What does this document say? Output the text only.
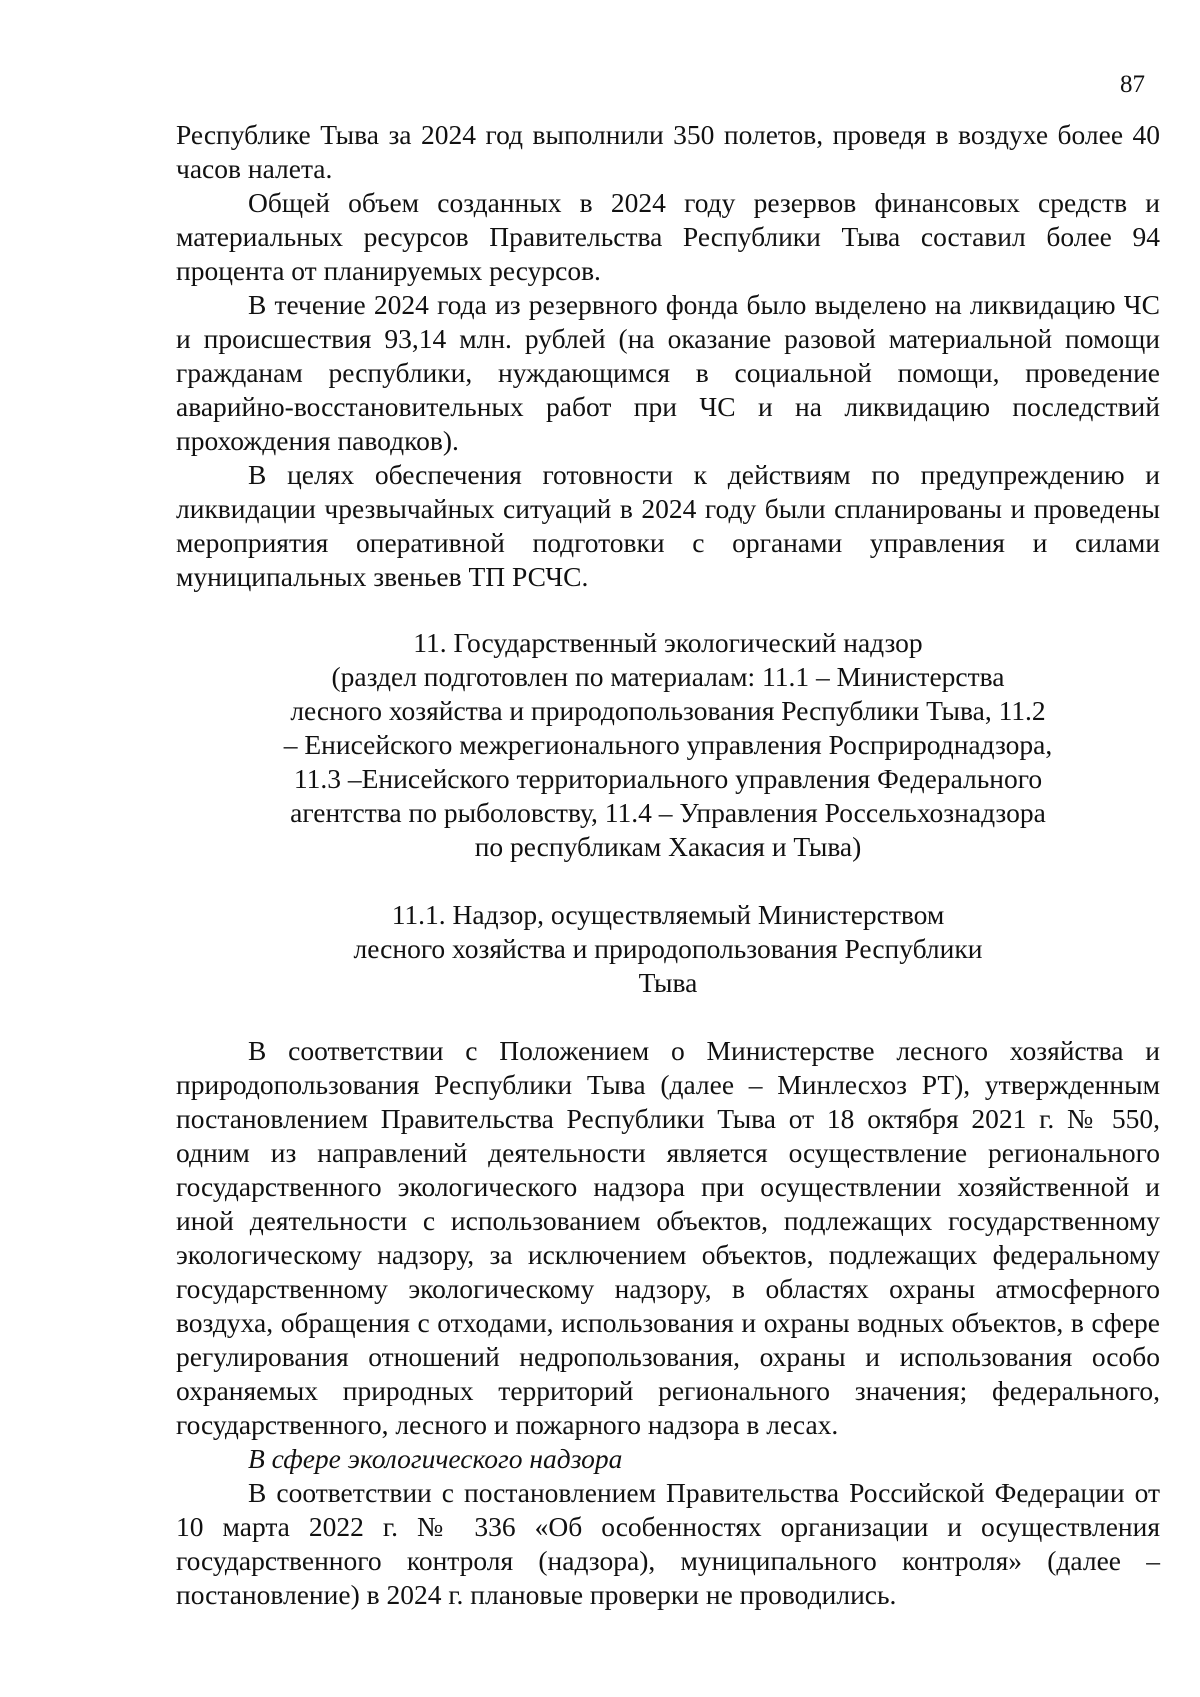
87

Республике Тыва за 2024 год выполнили 350 полетов, проведя в воздухе более 40 часов налета.

Общей объем созданных в 2024 году резервов финансовых средств и материальных ресурсов Правительства Республики Тыва составил более 94 процента от планируемых ресурсов.

В течение 2024 года из резервного фонда было выделено на ликвидацию ЧС и происшествия 93,14 млн. рублей (на оказание разовой материальной помощи гражданам республики, нуждающимся в социальной помощи, проведение аварийно-восстановительных работ при ЧС и на ликвидацию последствий прохождения паводков).

В целях обеспечения готовности к действиям по предупреждению и ликвидации чрезвычайных ситуаций в 2024 году были спланированы и проведены мероприятия оперативной подготовки с органами управления и силами муниципальных звеньев ТП РСЧС.

11. Государственный экологический надзор

(раздел подготовлен по материалам: 11.1 – Министерства лесного хозяйства и природопользования Республики Тыва, 11.2 – Енисейского межрегионального управления Росприроднадзора, 11.3 –Енисейского территориального управления Федерального агентства по рыболовству, 11.4 – Управления Россельхознадзора по республикам Хакасия и Тыва)

11.1. Надзор, осуществляемый Министерством лесного хозяйства и природопользования Республики Тыва

В соответствии с Положением о Министерстве лесного хозяйства и природопользования Республики Тыва (далее – Минлесхоз РТ), утвержденным постановлением Правительства Республики Тыва от 18 октября 2021 г. № 550, одним из направлений деятельности является осуществление регионального государственного экологического надзора при осуществлении хозяйственной и иной деятельности с использованием объектов, подлежащих государственному экологическому надзору, за исключением объектов, подлежащих федеральному государственному экологическому надзору, в областях охраны атмосферного воздуха, обращения с отходами, использования и охраны водных объектов, в сфере регулирования отношений недропользования, охраны и использования особо охраняемых природных территорий регионального значения; федерального, государственного, лесного и пожарного надзора в лесах.

В сфере экологического надзора

В соответствии с постановлением Правительства Российской Федерации от 10 марта 2022 г. № 336 «Об особенностях организации и осуществления государственного контроля (надзора), муниципального контроля» (далее – постановление) в 2024 г. плановые проверки не проводились.
